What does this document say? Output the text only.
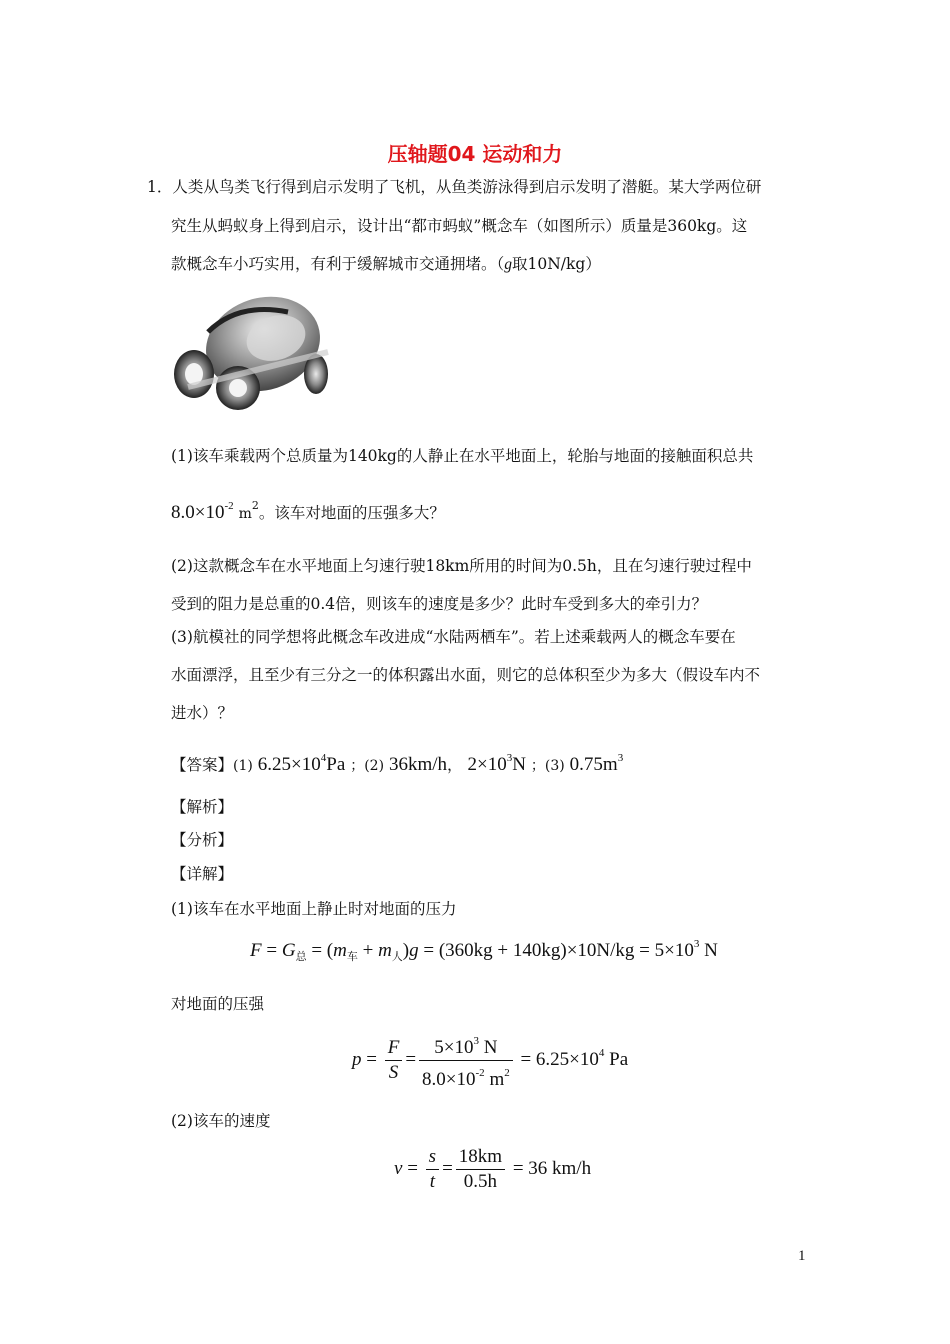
压轴题04 运动和力
1．人类从鸟类飞行得到启示发明了飞机，从鱼类游泳得到启示发明了潜艇。某大学两位研
究生从蚂蚁身上得到启示，设计出“都市蚂蚁”概念车（如图所示）质量是360kg。这
款概念车小巧实用，有利于缓解城市交通拥堵。（g取10N/kg）
(1)该车乘载两个总质量为140kg的人静止在水平地面上，轮胎与地面的接触面积总共
$8.0\times 10^{-2}$ $m^2$。该车对地面的压强多大？
(2)这款概念车在水平地面上匀速行驶18km所用的时间为0.5h，且在匀速行驶过程中
受到的阻力是总重的0.4倍，则该车的速度是多少？此时车受到多大的牵引力？
(3)航模社的同学想将此概念车改进成“水陆两栖车”。若上述乘载两人的概念车要在
水面漂浮，且至少有三分之一的体积露出水面，则它的总体积至少为多大（假设车内不
进水）？
【答案】(1) $6.25\times 10^4Pa$ ；(2) 36km/h， $2\times 10^3N$ ；(3) $0.75m^3$
【解析】
【分析】
【详解】
(1)该车在水平地面上静止时对地面的压力
$F = G_总 = (m_车 + m_人)g = (360kg + 140kg)\times 10N/kg = 5\times 10^3$ N
对地面的压强
$p = \frac{F}{S} = \frac{5\times 10^3 N}{8.0\times 10^{-2} m^2} = 6.25\times 10^4$ Pa
(2)该车的速度
$v = \frac{s}{t} = \frac{18km}{0.5h} = 36$ km/h
1
